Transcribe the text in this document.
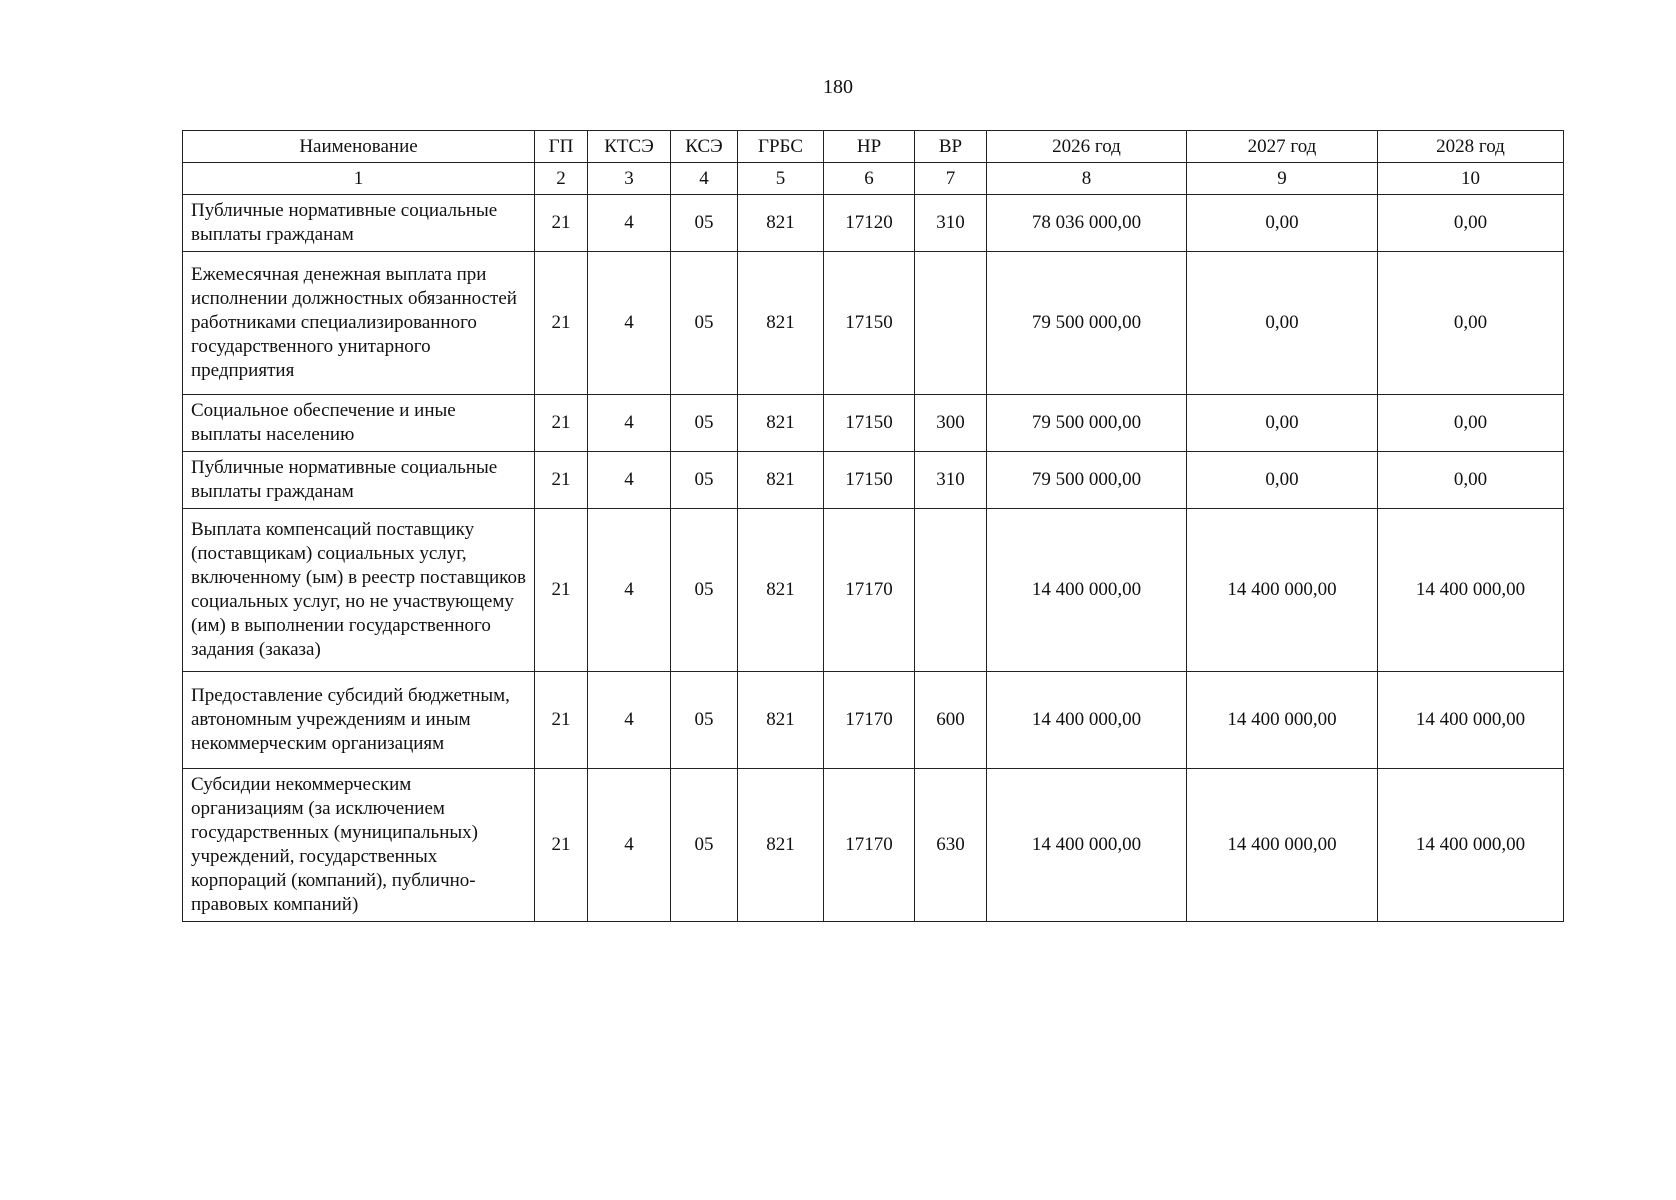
180
Наименование	ГП	КТСЭ	КСЭ	ГРБС	НР	ВР	2026 год	2027 год	2028 год
1	2	3	4	5	6	7	8	9	10
Публичные нормативные социальные выплаты гражданам	21	4	05	821	17120	310	78 036 000,00	0,00	0,00
Ежемесячная денежная выплата при исполнении должностных обязанностей работниками специализированного государственного унитарного предприятия	21	4	05	821	17150		79 500 000,00	0,00	0,00
Социальное обеспечение и иные выплаты населению	21	4	05	821	17150	300	79 500 000,00	0,00	0,00
Публичные нормативные социальные выплаты гражданам	21	4	05	821	17150	310	79 500 000,00	0,00	0,00
Выплата компенсаций поставщику (поставщикам) социальных услуг, включенному (ым) в реестр поставщиков социальных услуг, но не участвующему (им) в выполнении государственного задания (заказа)	21	4	05	821	17170		14 400 000,00	14 400 000,00	14 400 000,00
Предоставление субсидий бюджетным, автономным учреждениям и иным некоммерческим организациям	21	4	05	821	17170	600	14 400 000,00	14 400 000,00	14 400 000,00
Субсидии некоммерческим организациям (за исключением государственных (муниципальных) учреждений, государственных корпораций (компаний), публично-правовых компаний)	21	4	05	821	17170	630	14 400 000,00	14 400 000,00	14 400 000,00
